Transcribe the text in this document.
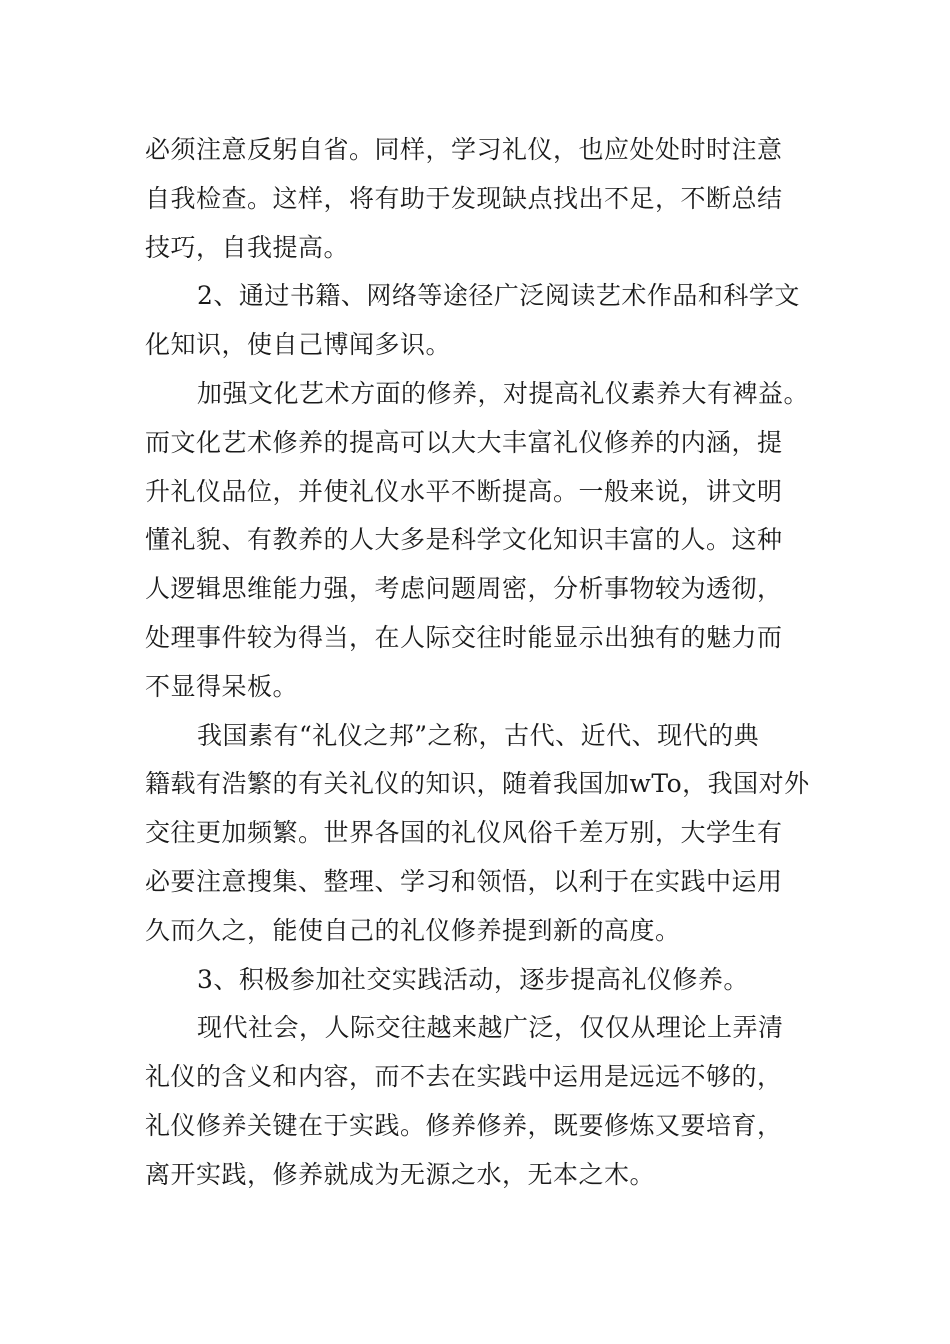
必须注意反躬自省。同样，学习礼仪，也应处处时时注意
自我检查。这样，将有助于发现缺点找出不足，不断总结
技巧，自我提高。
2、通过书籍、网络等途径广泛阅读艺术作品和科学文
化知识，使自己博闻多识。
加强文化艺术方面的修养，对提高礼仪素养大有裨益。
而文化艺术修养的提高可以大大丰富礼仪修养的内涵，提
升礼仪品位，并使礼仪水平不断提高。一般来说，讲文明
懂礼貌、有教养的人大多是科学文化知识丰富的人。这种
人逻辑思维能力强，考虑问题周密，分析事物较为透彻，
处理事件较为得当，在人际交往时能显示出独有的魅力而
不显得呆板。
我国素有“礼仪之邦”之称，古代、近代、现代的典
籍载有浩繁的有关礼仪的知识，随着我国加wTo，我国对外
交往更加频繁。世界各国的礼仪风俗千差万别，大学生有
必要注意搜集、整理、学习和领悟，以利于在实践中运用
久而久之，能使自己的礼仪修养提到新的高度。
3、积极参加社交实践活动，逐步提高礼仪修养。
现代社会，人际交往越来越广泛，仅仅从理论上弄清
礼仪的含义和内容，而不去在实践中运用是远远不够的，
礼仪修养关键在于实践。修养修养，既要修炼又要培育，
离开实践，修养就成为无源之水，无本之木。
